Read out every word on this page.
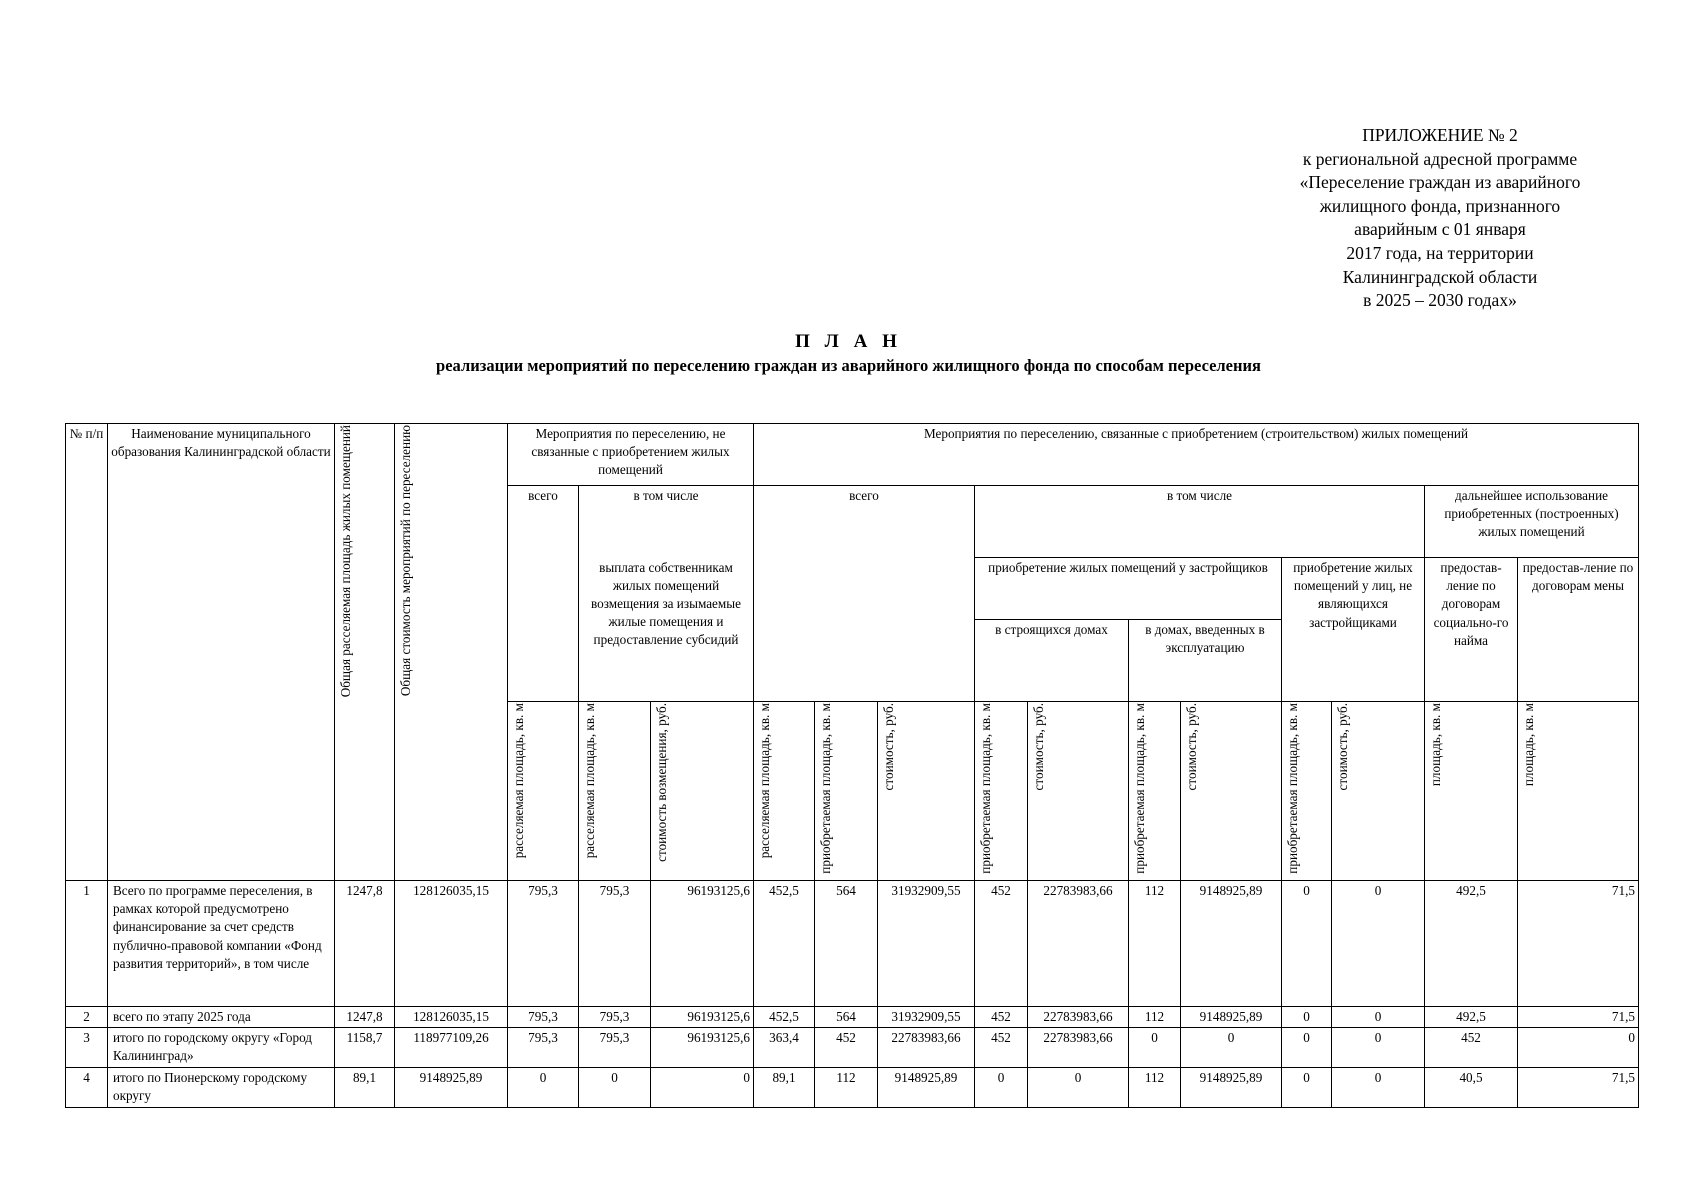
ПРИЛОЖЕНИЕ № 2
к региональной адресной программе
«Переселение граждан из аварийного
жилищного фонда, признанного
аварийным с 01 января
2017 года, на территории
Калининградской области
в 2025 – 2030 годах»
П Л А Н
реализации мероприятий по переселению граждан из аварийного жилищного фонда по способам переселения
№ п/п	Наименование муниципального образования Калининградской области	Общая расселяемая площадь жилых помещений	Общая стоимость мероприятий по переселению	Мероприятия по переселению, не связанные с приобретением жилых помещений			Мероприятия по переселению, связанные с приобретением (строительством) жилых помещений										
				всего	в том числе		всего			в том числе						дальнейшее использование приобретенных (построенных) жилых помещений	
					выплата собственникам жилых помещений возмещения за изымаемые жилые помещения и предоставление субсидий					приобретение жилых помещений у застройщиков				приобретение жилых помещений у лиц, не являющихся застройщиками		предостав-ление по договорам социально-го найма	предостав-ление по договорам мены
										в строящихся домах		в домах, введенных в эксплуатацию					
				расселяемая площадь, кв. м	расселяемая площадь, кв. м	стоимость возмещения, руб.	расселяемая площадь, кв. м	приобретаемая площадь, кв. м	стоимость, руб.	приобретаемая площадь, кв. м	стоимость, руб.	приобретаемая площадь, кв. м	стоимость, руб.	приобретаемая площадь, кв. м	стоимость, руб.	площадь, кв. м	площадь, кв. м
1	Всего по программе переселения, в рамках которой предусмотрено финансирование за счет средств публично-правовой компании «Фонд развития территорий», в том числе	1247,8	128126035,15	795,3	795,3	96193125,6	452,5	564	31932909,55	452	22783983,66	112	9148925,89	0	0	492,5	71,5
2	всего по этапу 2025 года	1247,8	128126035,15	795,3	795,3	96193125,6	452,5	564	31932909,55	452	22783983,66	112	9148925,89	0	0	492,5	71,5
3	итого по городскому округу «Город Калининград»	1158,7	118977109,26	795,3	795,3	96193125,6	363,4	452	22783983,66	452	22783983,66	0	0	0	0	452	0
4	итого по Пионерскому городскому округу	89,1	9148925,89	0	0	0	89,1	112	9148925,89	0	0	112	9148925,89	0	0	40,5	71,5
